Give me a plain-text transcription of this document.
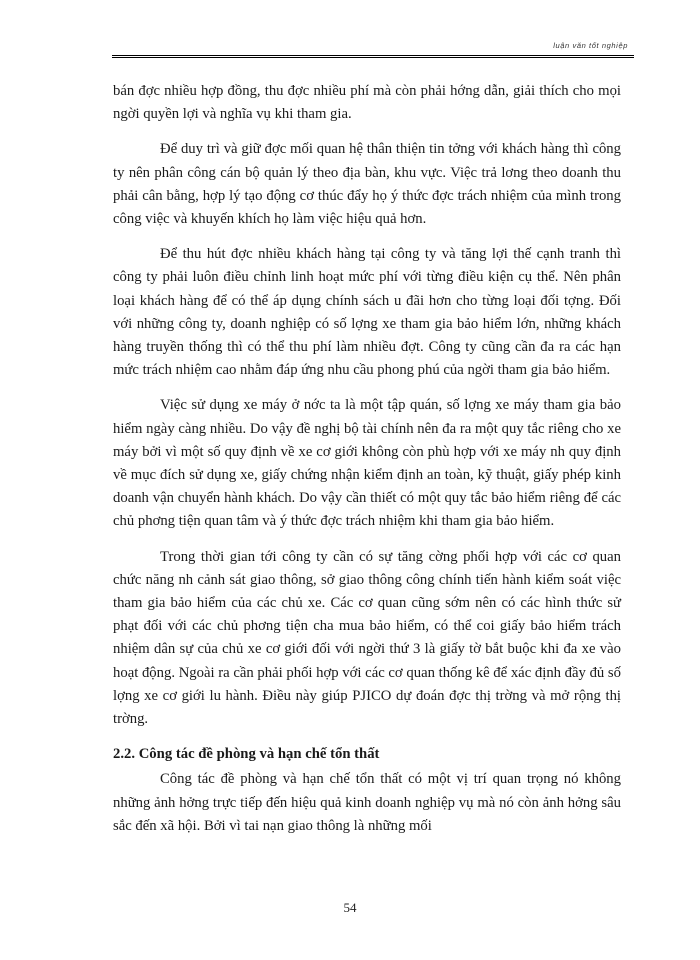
luận văn tốt nghiệp

bán đợc nhiều hợp đồng, thu đợc nhiều phí mà còn phải hớng dẫn, giải thích cho mọi ngời quyền lợi và nghĩa vụ khi tham gia.

Để duy trì và giữ đợc mối quan hệ thân thiện tin tởng với khách hàng thì công ty nên phân công cán bộ quản lý theo địa bàn, khu vực. Việc trả lơng theo doanh thu phải cân bằng, hợp lý tạo động cơ thúc đẩy họ ý thức đợc trách nhiệm của mình trong công việc và khuyến khích họ làm việc hiệu quả hơn.

Để thu hút đợc nhiều khách hàng tại công ty và tăng lợi thế cạnh tranh thì công ty phải luôn điều chỉnh linh hoạt mức phí với từng điều kiện cụ thể. Nên phân loại khách hàng để có thể áp dụng chính sách u đãi hơn cho từng loại đối tợng. Đối với những công ty, doanh nghiệp có số lợng xe tham gia bảo hiểm lớn, những khách hàng truyền thống thì có thể thu phí làm nhiều đợt. Công ty cũng cần đa ra các hạn mức trách nhiệm cao nhằm đáp ứng nhu cầu phong phú của ngời tham gia bảo hiểm.

Việc sử dụng xe máy ở nớc ta là một tập quán, số lợng xe máy tham gia bảo hiểm ngày càng nhiều. Do vậy đề nghị bộ tài chính nên đa ra một quy tắc riêng cho xe máy bởi vì một số quy định về xe cơ giới không còn phù hợp với xe máy nh quy định về mục đích sử dụng xe, giấy chứng nhận kiểm định an toàn, kỹ thuật, giấy phép kinh doanh vận chuyển hành khách. Do vậy cần thiết có một quy tắc bảo hiểm riêng để các chủ phơng tiện quan tâm và ý thức đợc trách nhiệm khi tham gia bảo hiểm.

Trong thời gian tới công ty cần có sự tăng cờng phối hợp với các cơ quan chức năng nh cảnh sát giao thông, sở giao thông công chính tiến hành kiểm soát việc tham gia bảo hiểm của các chủ xe. Các cơ quan cũng sớm nên có các hình thức sử phạt đối với các chủ phơng tiện cha mua bảo hiểm, có thể coi giấy bảo hiểm trách nhiệm dân sự của chủ xe cơ giới đối với ngời thứ 3 là giấy tờ bắt buộc khi đa xe vào hoạt động. Ngoài ra cần phải phối hợp với các cơ quan thống kê để xác định đầy đủ số lợng xe cơ giới lu hành. Điều này giúp PJICO dự đoán đợc thị trờng và mở rộng thị trờng.

2.2. Công tác đề phòng và hạn chế tổn thất

Công tác đề phòng và hạn chế tổn thất có một vị trí quan trọng nó không những ảnh hởng trực tiếp đến hiệu quả kinh doanh nghiệp vụ mà nó còn ảnh hởng sâu sắc đến xã hội. Bởi vì tai nạn giao thông là những mối

54
